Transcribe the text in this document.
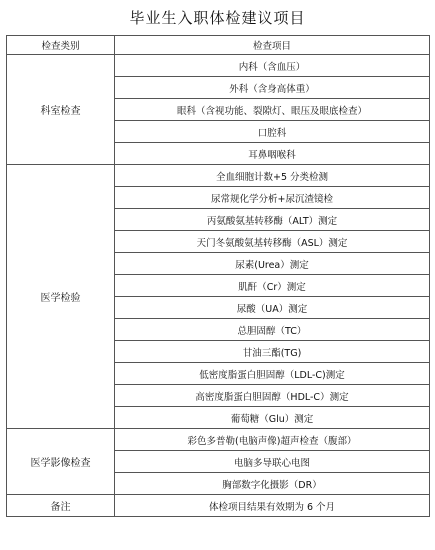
毕业生入职体检建议项目
检查类别	检查项目
科室检查	内科（含血压）
	外科（含身高体重）
	眼科（含视功能、裂隙灯、眼压及眼底检查）
	口腔科
	耳鼻咽喉科
医学检验	全血细胞计数+5 分类检测
	尿常规化学分析+尿沉渣镜检
	丙氨酸氨基转移酶（ALT）测定
	天门冬氨酸氨基转移酶（ASL）测定
	尿素(Urea）测定
	肌酐（Cr）测定
	尿酸（UA）测定
	总胆固醇（TC）
	甘油三酯(TG)
	低密度脂蛋白胆固醇（LDL-C)测定
	高密度脂蛋白胆固醇（HDL-C）测定
	葡萄糖（Glu）测定
医学影像检查	彩色多普勒(电脑声像)超声检查（腹部）
	电脑多导联心电图
	胸部数字化摄影（DR）
备注	体检项目结果有效期为 6 个月
